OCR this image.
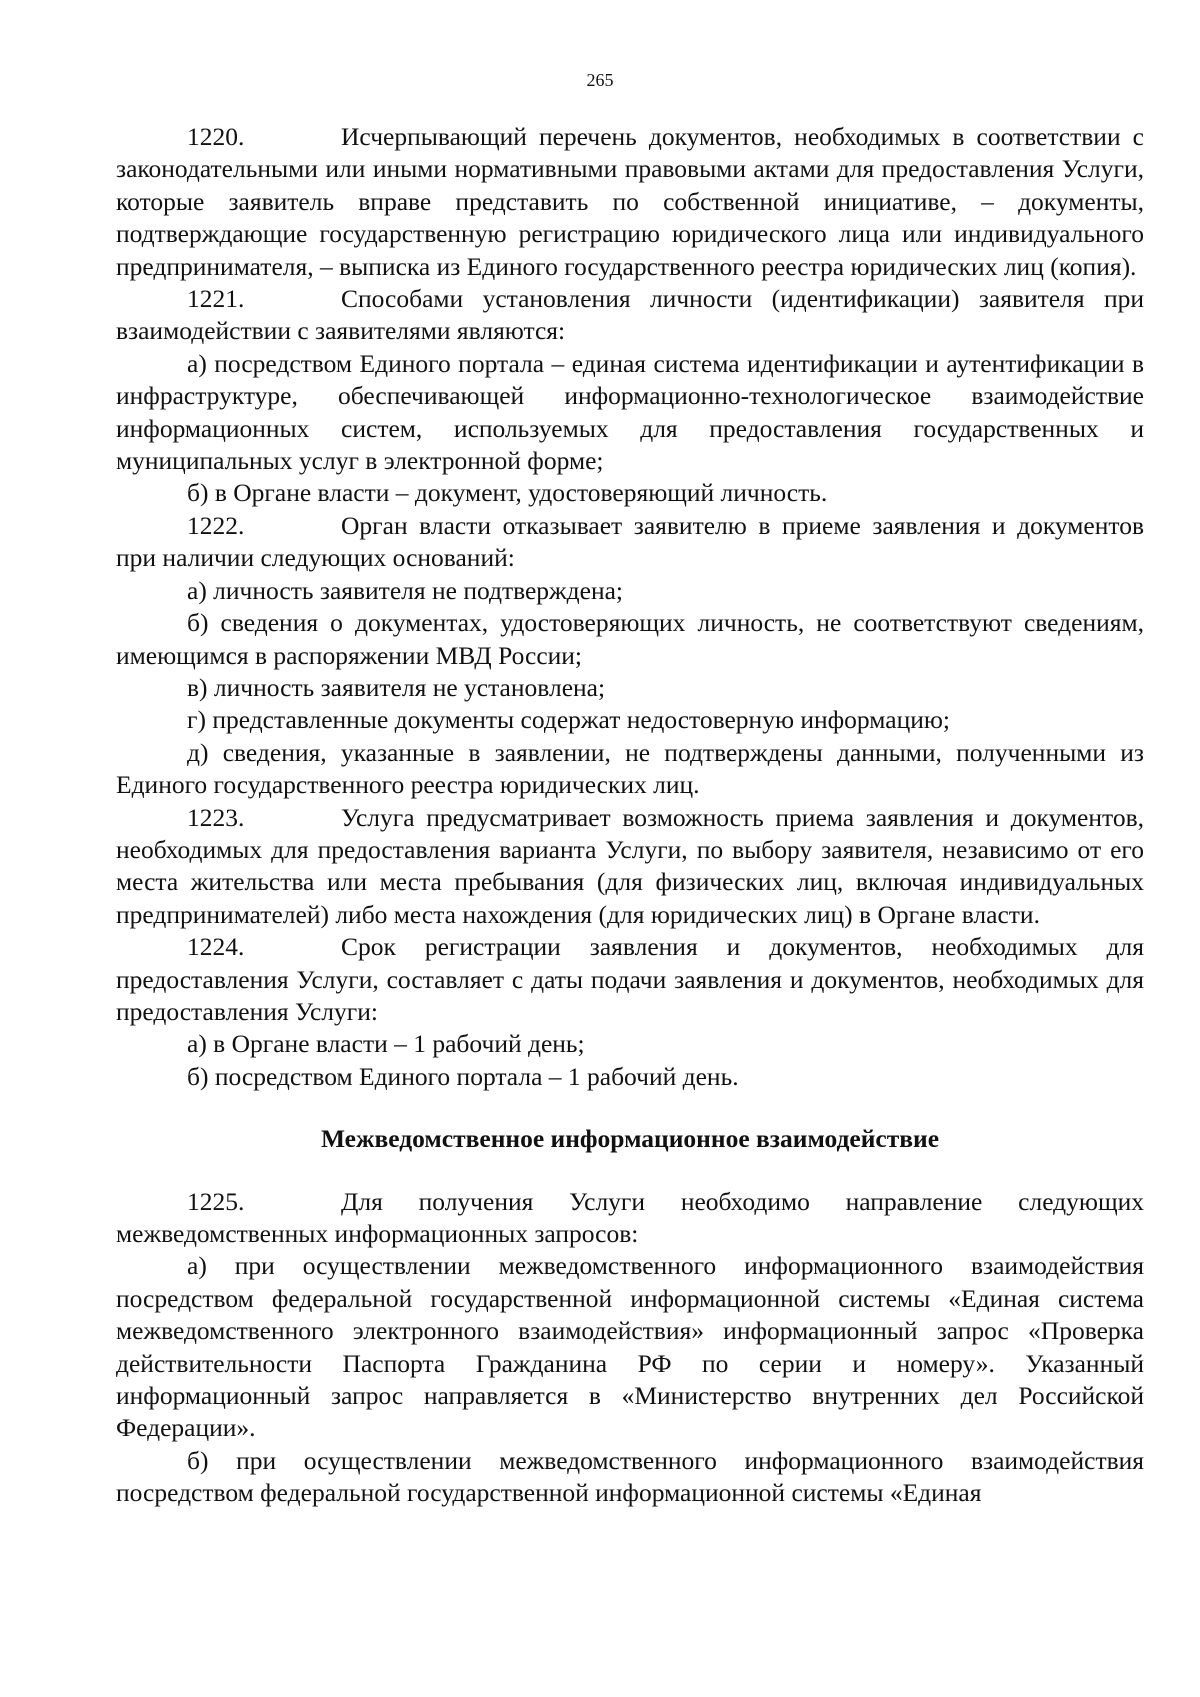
265

1220.	Исчерпывающий перечень документов, необходимых в соответствии с законодательными или иными нормативными правовыми актами для предоставления Услуги, которые заявитель вправе представить по собственной инициативе, – документы, подтверждающие государственную регистрацию юридического лица или индивидуального предпринимателя, – выписка из Единого государственного реестра юридических лиц (копия).

1221.	Способами установления личности (идентификации) заявителя при взаимодействии с заявителями являются:

а) посредством Единого портала – единая система идентификации и аутентификации в инфраструктуре, обеспечивающей информационно-технологическое взаимодействие информационных систем, используемых для предоставления государственных и муниципальных услуг в электронной форме;

б) в Органе власти – документ, удостоверяющий личность.

1222.	Орган власти отказывает заявителю в приеме заявления и документов при наличии следующих оснований:

а) личность заявителя не подтверждена;

б) сведения о документах, удостоверяющих личность, не соответствуют сведениям, имеющимся в распоряжении МВД России;

в) личность заявителя не установлена;

г) представленные документы содержат недостоверную информацию;

д) сведения, указанные в заявлении, не подтверждены данными, полученными из Единого государственного реестра юридических лиц.

1223.	Услуга предусматривает возможность приема заявления и документов, необходимых для предоставления варианта Услуги, по выбору заявителя, независимо от его места жительства или места пребывания (для физических лиц, включая индивидуальных предпринимателей) либо места нахождения (для юридических лиц) в Органе власти.

1224.	Срок регистрации заявления и документов, необходимых для предоставления Услуги, составляет с даты подачи заявления и документов, необходимых для предоставления Услуги:

а) в Органе власти – 1 рабочий день;

б) посредством Единого портала – 1 рабочий день.

Межведомственное информационное взаимодействие

1225.	Для получения Услуги необходимо направление следующих межведомственных информационных запросов:

а) при осуществлении межведомственного информационного взаимодействия посредством федеральной государственной информационной системы «Единая система межведомственного электронного взаимодействия» информационный запрос «Проверка действительности Паспорта Гражданина РФ по серии и номеру». Указанный информационный запрос направляется в «Министерство внутренних дел Российской Федерации».

б) при осуществлении межведомственного информационного взаимодействия посредством федеральной государственной информационной системы «Единая
